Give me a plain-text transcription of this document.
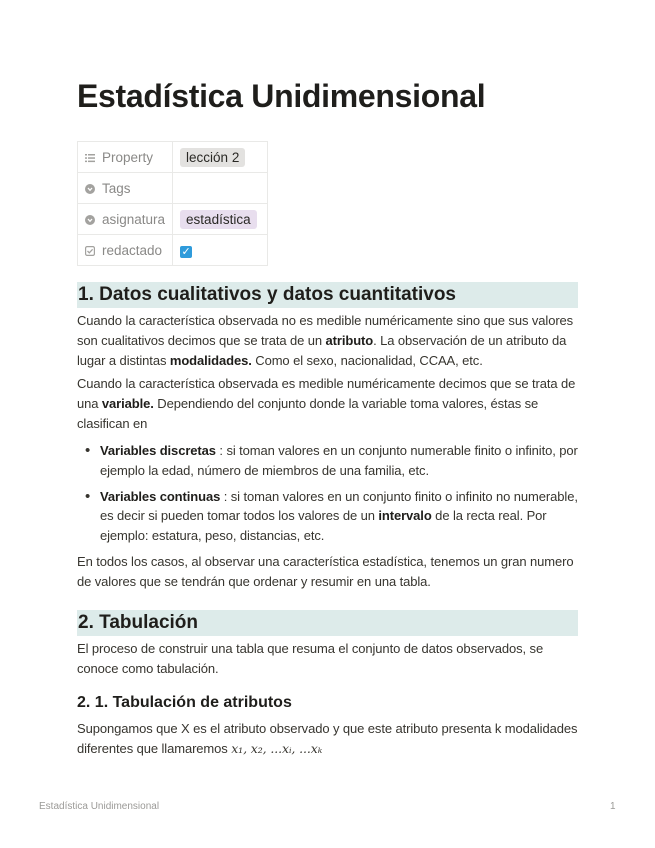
Estadística Unidimensional
Property	lección 2
Tags	
asignatura	estadística
redactado	✓
1. Datos cualitativos y datos cuantitativos

Cuando la característica observada no es medible numéricamente sino que sus valores son cualitativos decimos que se trata de un atributo. La observación de un atributo da lugar a distintas modalidades. Como el sexo, nacionalidad, CCAA, etc.

Cuando la característica observada es medible numéricamente decimos que se trata de una variable. Dependiendo del conjunto donde la variable toma valores, éstas se clasifican en

• Variables discretas : si toman valores en un conjunto numerable finito o infinito, por ejemplo la edad, número de miembros de una familia, etc.
• Variables continuas : si toman valores en un conjunto finito o infinito no numerable, es decir si pueden tomar todos los valores de un intervalo de la recta real. Por ejemplo: estatura, peso, distancias, etc.

En todos los casos, al observar una característica estadística, tenemos un gran numero de valores que se tendrán que ordenar y resumir en una tabla.

2. Tabulación

El proceso de construir una tabla que resuma el conjunto de datos observados, se conoce como tabulación.

2. 1. Tabulación de atributos

Supongamos que X es el atributo observado y que este atributo presenta k modalidades diferentes que llamaremos x₁, x₂, ...xᵢ, ...xₖ

Estadística Unidimensional	1
